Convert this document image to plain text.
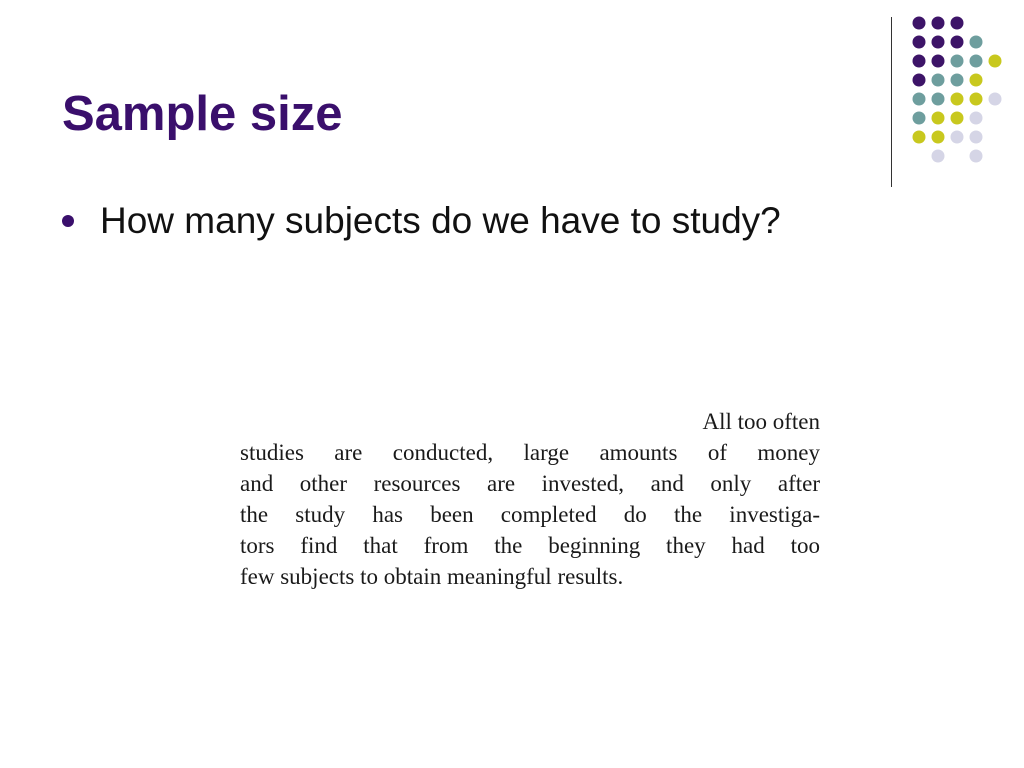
Sample size
How many subjects do we have to study?
All too often
studies are conducted, large amounts of money
and other resources are invested, and only after
the study has been completed do the investiga-
tors find that from the beginning they had too
few subjects to obtain meaningful results.
